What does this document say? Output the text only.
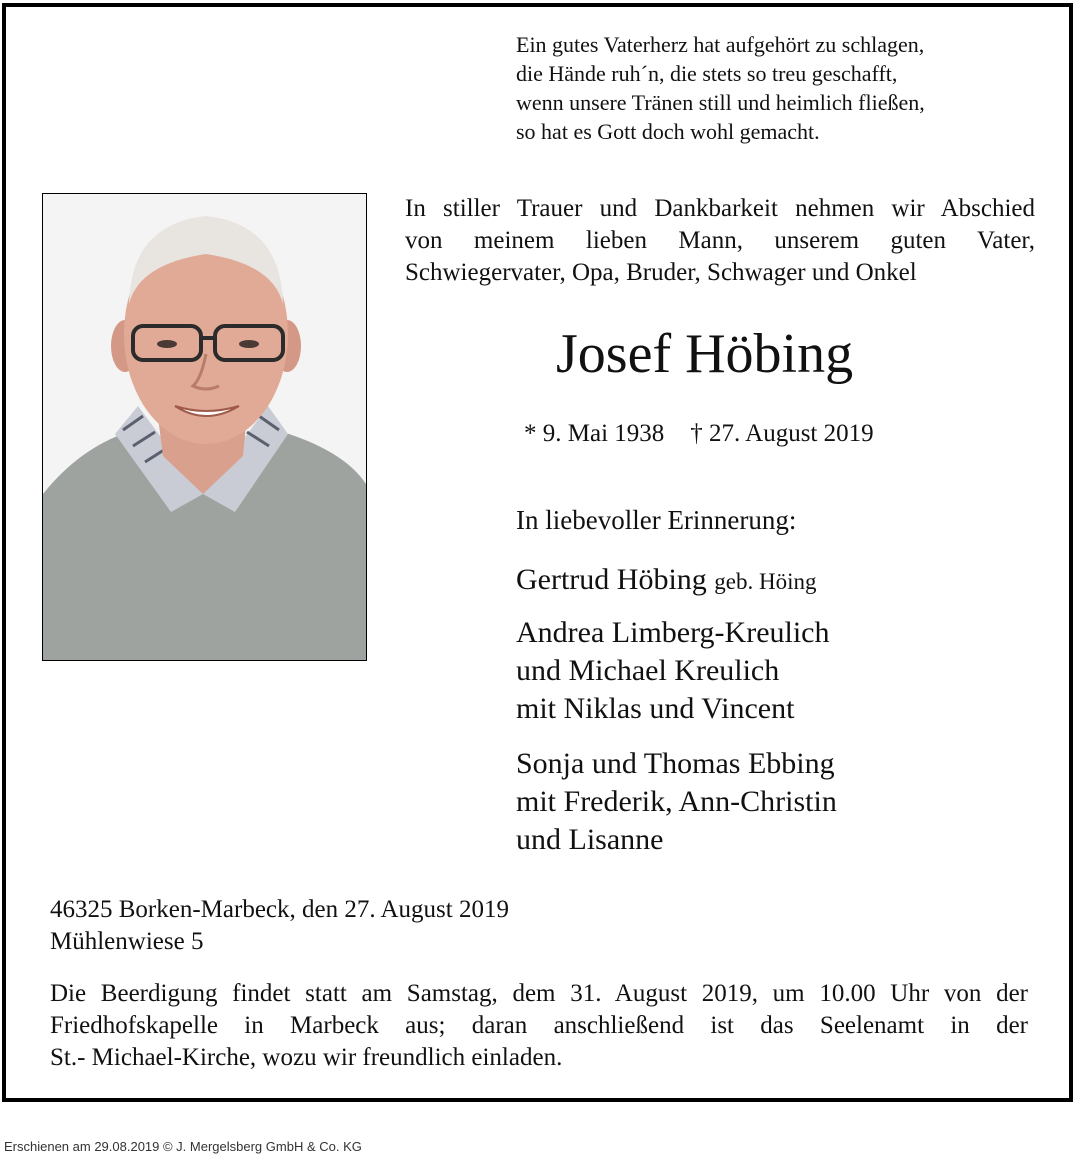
Ein gutes Vaterherz hat aufgehört zu schlagen,
die Hände ruh´n, die stets so treu geschafft,
wenn unsere Tränen still und heimlich fließen,
so hat es Gott doch wohl gemacht.
In stiller Trauer und Dankbarkeit nehmen wir Abschied
von meinem lieben Mann, unserem guten Vater,
Schwiegervater, Opa, Bruder, Schwager und Onkel
Josef Höbing
* 9. Mai 1938 † 27. August 2019
In liebevoller Erinnerung:
Gertrud Höbing geb. Höing
Andrea Limberg-Kreulich
und Michael Kreulich
mit Niklas und Vincent
Sonja und Thomas Ebbing
mit Frederik, Ann-Christin
und Lisanne
46325 Borken-Marbeck, den 27. August 2019
Mühlenwiese 5
Die Beerdigung findet statt am Samstag, dem 31. August 2019, um 10.00 Uhr von der
Friedhofskapelle in Marbeck aus; daran anschließend ist das Seelenamt in der
St.- Michael-Kirche, wozu wir freundlich einladen.
Erschienen am 29.08.2019 © J. Mergelsberg GmbH & Co. KG
